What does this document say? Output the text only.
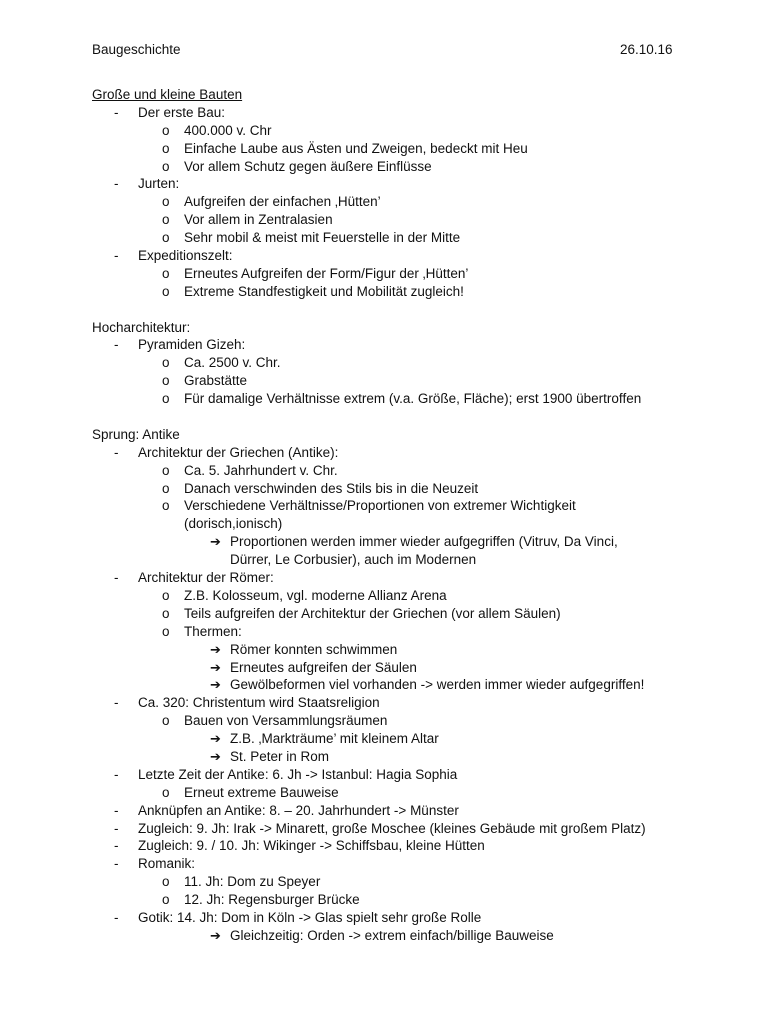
Baugeschichte	26.10.16
Große und kleine Bauten
-	Der erste Bau:
o	400.000 v. Chr
o	Einfache Laube aus Ästen und Zweigen, bedeckt mit Heu
o	Vor allem Schutz gegen äußere Einflüsse
-	Jurten:
o	Aufgreifen der einfachen ‚Hütten’
o	Vor allem in Zentralasien
o	Sehr mobil & meist mit Feuerstelle in der Mitte
-	Expeditionszelt:
o	Erneutes Aufgreifen der Form/Figur der ‚Hütten’
o	Extreme Standfestigkeit und Mobilität zugleich!
Hocharchitektur:
-	Pyramiden Gizeh:
o	Ca. 2500 v. Chr.
o	Grabstätte
o	Für damalige Verhältnisse extrem (v.a. Größe, Fläche); erst 1900 übertroffen
Sprung: Antike
-	Architektur der Griechen (Antike):
o	Ca. 5. Jahrhundert v. Chr.
o	Danach verschwinden des Stils bis in die Neuzeit
o	Verschiedene Verhältnisse/Proportionen von extremer Wichtigkeit
(dorisch,ionisch)
➔ Proportionen werden immer wieder aufgegriffen (Vitruv, Da Vinci,
Dürrer, Le Corbusier), auch im Modernen
-	Architektur der Römer:
o	Z.B. Kolosseum, vgl. moderne Allianz Arena
o	Teils aufgreifen der Architektur der Griechen (vor allem Säulen)
o	Thermen:
➔ Römer konnten schwimmen
➔ Erneutes aufgreifen der Säulen
➔ Gewölbeformen viel vorhanden -> werden immer wieder aufgegriffen!
-	Ca. 320: Christentum wird Staatsreligion
o	Bauen von Versammlungsräumen
➔ Z.B. ‚Markträume’ mit kleinem Altar
➔ St. Peter in Rom
-	Letzte Zeit der Antike: 6. Jh -> Istanbul: Hagia Sophia
o	Erneut extreme Bauweise
-	Anknüpfen an Antike: 8. – 20. Jahrhundert -> Münster
-	Zugleich: 9. Jh: Irak -> Minarett, große Moschee (kleines Gebäude mit großem Platz)
-	Zugleich: 9. / 10. Jh: Wikinger -> Schiffsbau, kleine Hütten
-	Romanik:
o	11. Jh: Dom zu Speyer
o	12. Jh: Regensburger Brücke
-	Gotik: 14. Jh: Dom in Köln -> Glas spielt sehr große Rolle
➔ Gleichzeitig: Orden -> extrem einfach/billige Bauweise
